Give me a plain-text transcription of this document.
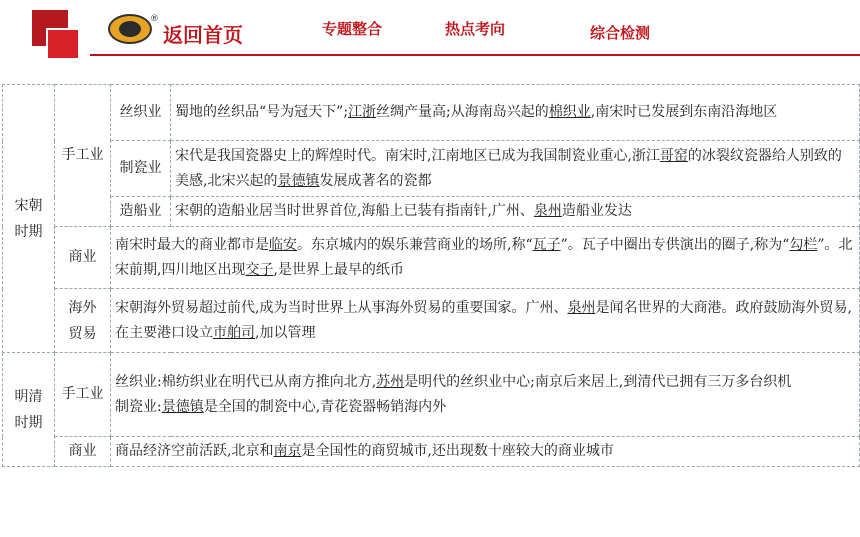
®
返回首页	专题整合	热点考向	综合检测
宋朝时期	手工业	丝织业	蜀地的丝织品“号为冠天下”;江浙丝绸产量高;从海南岛兴起的棉织业,南宋时已发展到东南沿海地区
		制瓷业	宋代是我国瓷器史上的辉煌时代。南宋时,江南地区已成为我国制瓷业重心,浙江哥窑的冰裂纹瓷器给人别致的美感,北宋兴起的景德镇发展成著名的瓷都
		造船业	宋朝的造船业居当时世界首位,海船上已装有指南针,广州、泉州造船业发达
	商业	南宋时最大的商业都市是临安。东京城内的娱乐兼营商业的场所,称“瓦子”。瓦子中圈出专供演出的圈子,称为“勾栏”。北宋前期,四川地区出现交子,是世界上最早的纸币	
	海外贸易	宋朝海外贸易超过前代,成为当时世界上从事海外贸易的重要国家。广州、泉州是闻名世界的大商港。政府鼓励海外贸易,在主要港口设立市舶司,加以管理	
明清时期	手工业	丝织业:棉纺织业在明代已从南方推向北方,苏州是明代的丝织业中心;南京后来居上,到清代已拥有三万多台织机
制瓷业:景德镇是全国的制瓷中心,青花瓷器畅销海内外	

	商业	商品经济空前活跃,北京和南京是全国性的商贸城市,还出现数十座较大的商业城市	
